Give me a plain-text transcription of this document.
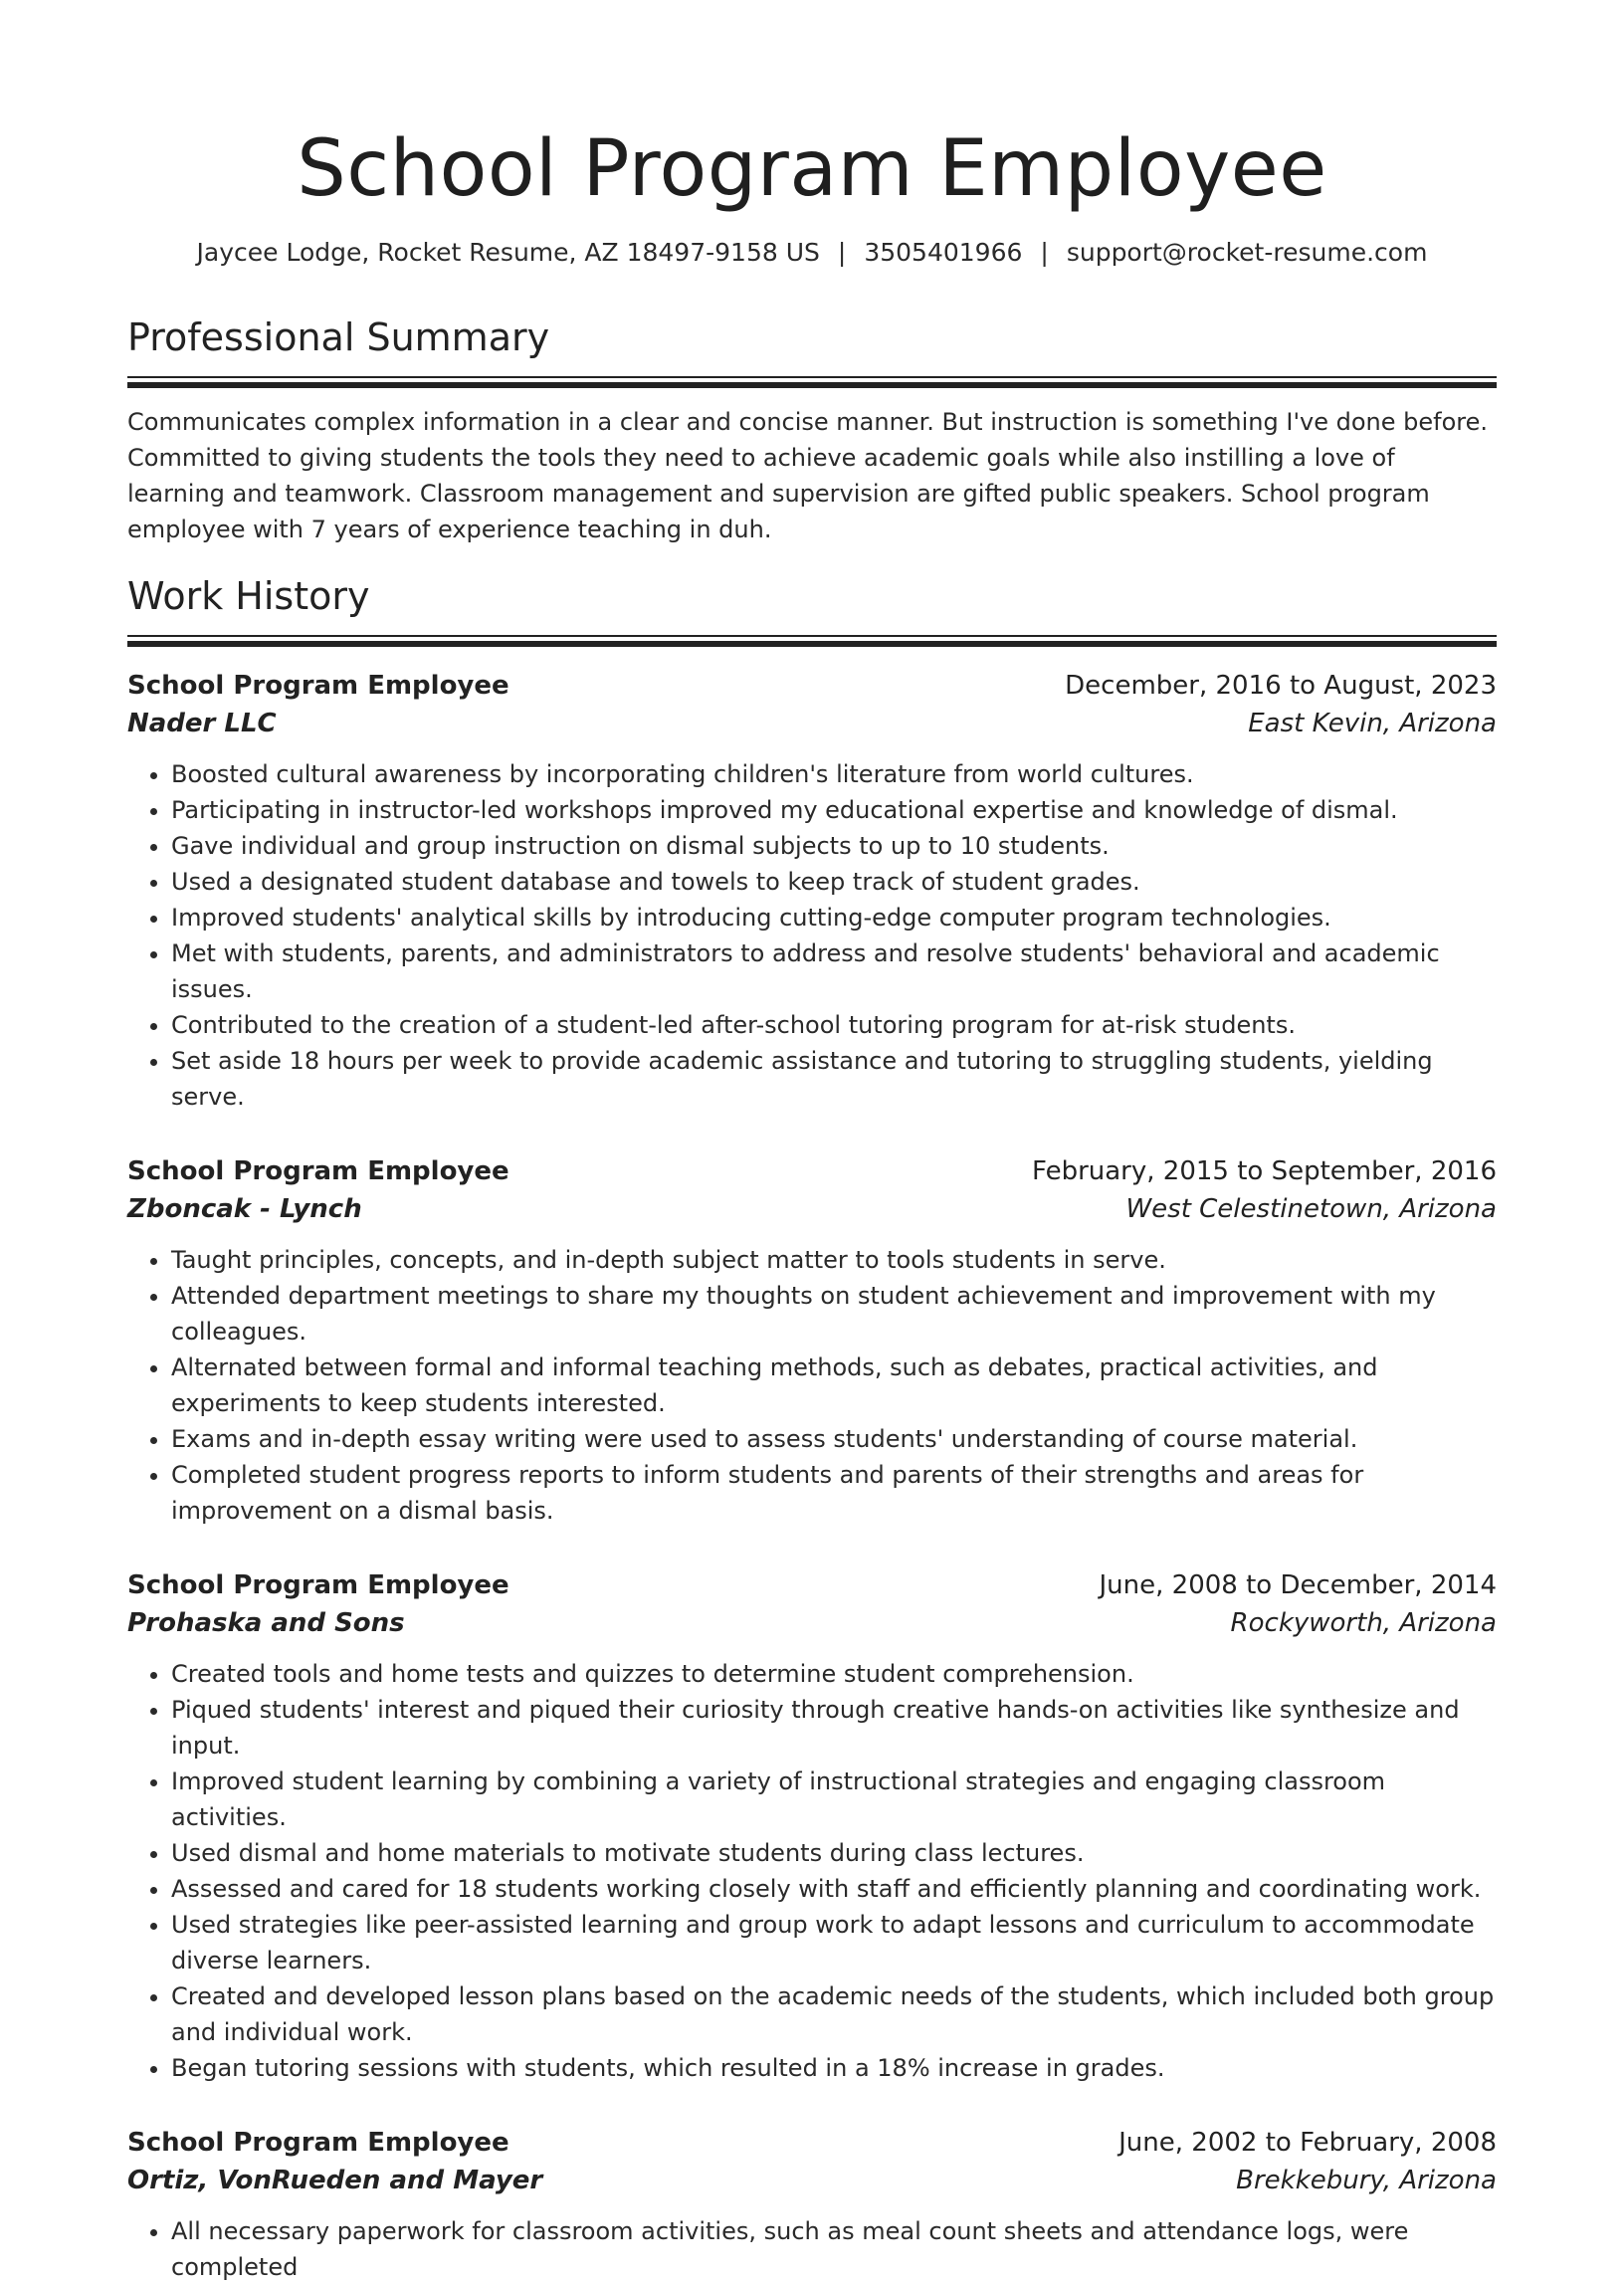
School Program Employee
Jaycee Lodge, Rocket Resume, AZ 18497-9158 US | 3505401966 | support@rocket-resume.com
Professional Summary

Communicates complex information in a clear and concise manner. But instruction is something I've done before. Committed to giving students the tools they need to achieve academic goals while also instilling a love of learning and teamwork. Classroom management and supervision are gifted public speakers. School program employee with 7 years of experience teaching in duh.

Work History
School Program Employee	December, 2016 to August, 2023
Nader LLC	East Kevin, Arizona
• Boosted cultural awareness by incorporating children's literature from world cultures.
• Participating in instructor-led workshops improved my educational expertise and knowledge of dismal.
• Gave individual and group instruction on dismal subjects to up to 10 students.
• Used a designated student database and towels to keep track of student grades.
• Improved students' analytical skills by introducing cutting-edge computer program technologies.
• Met with students, parents, and administrators to address and resolve students' behavioral and academic issues.
• Contributed to the creation of a student-led after-school tutoring program for at-risk students.
• Set aside 18 hours per week to provide academic assistance and tutoring to struggling students, yielding serve.
School Program Employee	February, 2015 to September, 2016
Zboncak - Lynch	West Celestinetown, Arizona
• Taught principles, concepts, and in-depth subject matter to tools students in serve.
• Attended department meetings to share my thoughts on student achievement and improvement with my colleagues.
• Alternated between formal and informal teaching methods, such as debates, practical activities, and experiments to keep students interested.
• Exams and in-depth essay writing were used to assess students' understanding of course material.
• Completed student progress reports to inform students and parents of their strengths and areas for improvement on a dismal basis.
School Program Employee	June, 2008 to December, 2014
Prohaska and Sons	Rockyworth, Arizona
• Created tools and home tests and quizzes to determine student comprehension.
• Piqued students' interest and piqued their curiosity through creative hands-on activities like synthesize and input.
• Improved student learning by combining a variety of instructional strategies and engaging classroom activities.
• Used dismal and home materials to motivate students during class lectures.
• Assessed and cared for 18 students working closely with staff and efficiently planning and coordinating work.
• Used strategies like peer-assisted learning and group work to adapt lessons and curriculum to accommodate diverse learners.
• Created and developed lesson plans based on the academic needs of the students, which included both group and individual work.
• Began tutoring sessions with students, which resulted in a 18% increase in grades.
School Program Employee	June, 2002 to February, 2008
Ortiz, VonRueden and Mayer	Brekkebury, Arizona
• All necessary paperwork for classroom activities, such as meal count sheets and attendance logs, were completed
